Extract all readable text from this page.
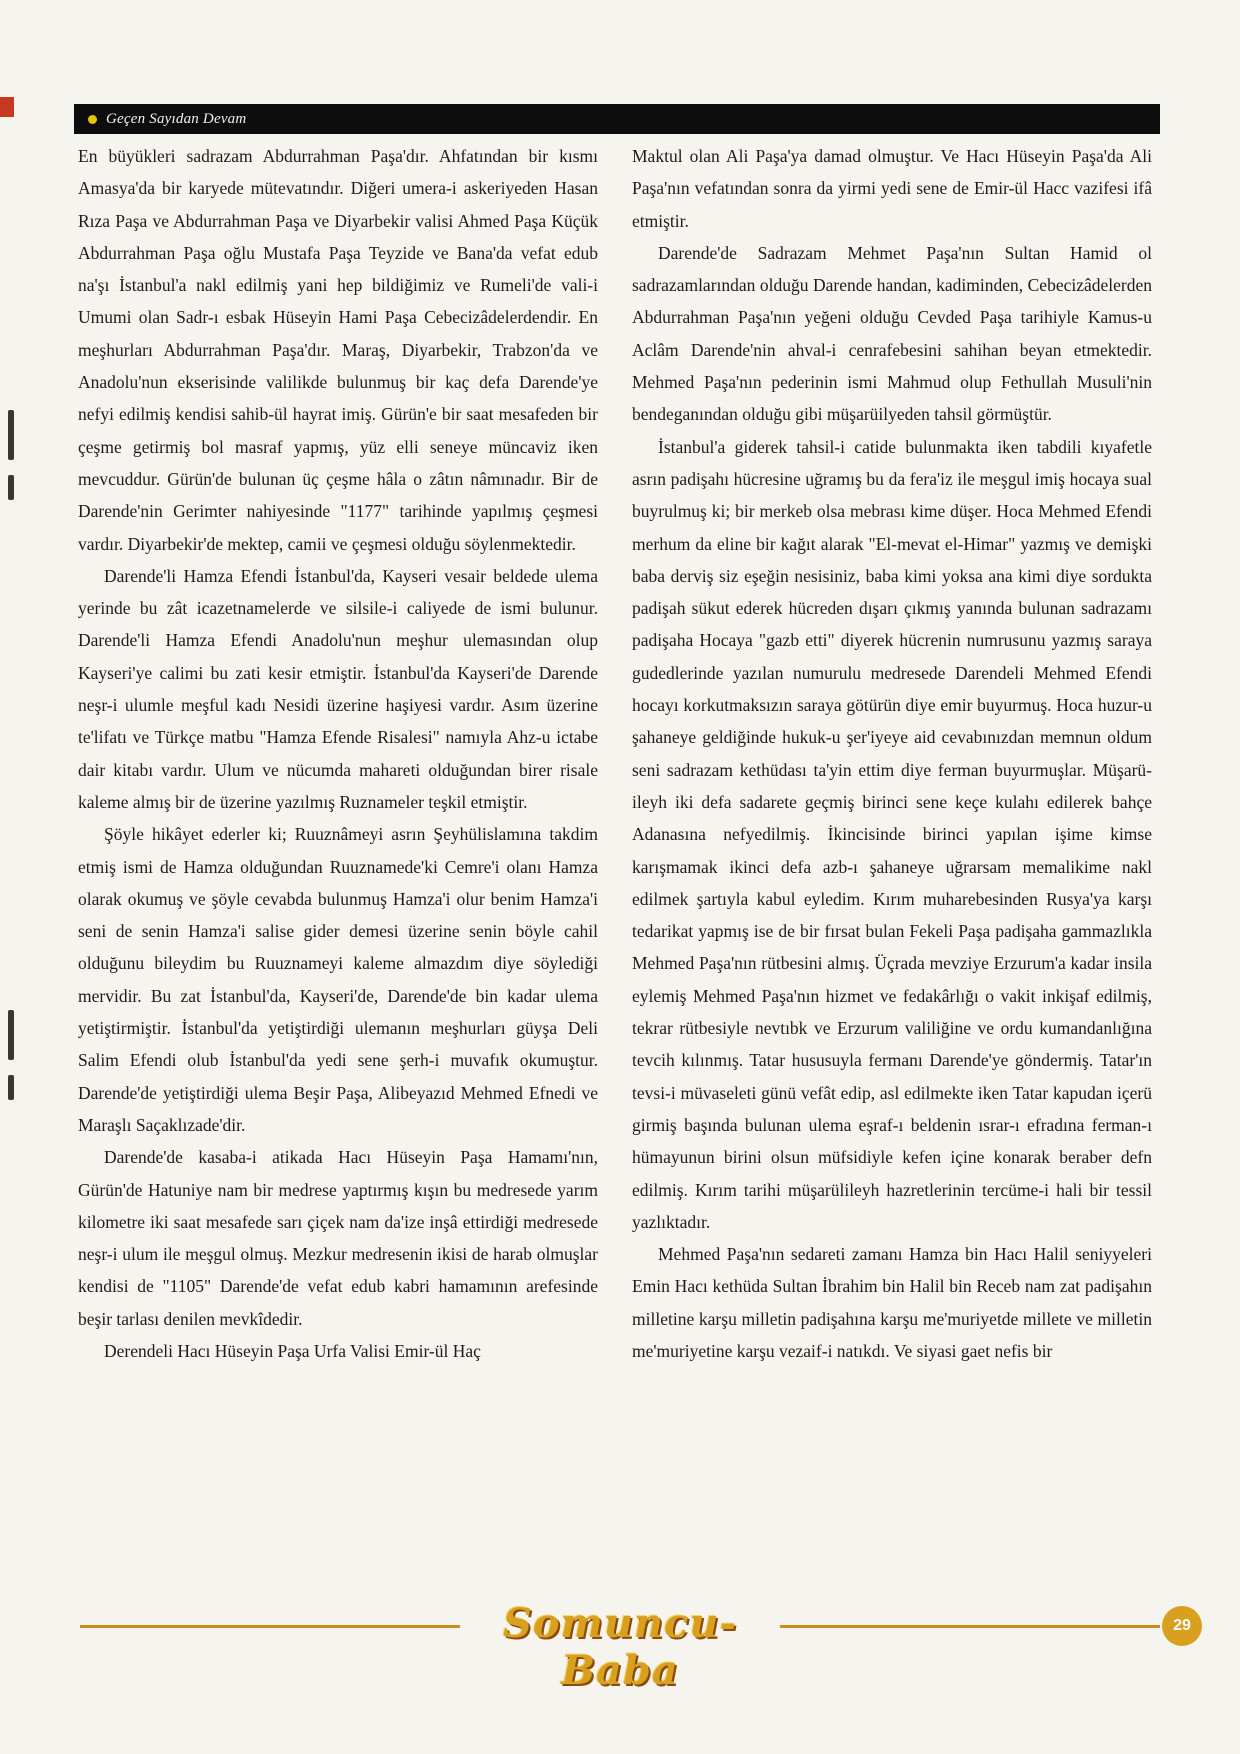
Geçen Sayıdan Devam

En büyükleri sadrazam Abdurrahman Paşa'dır. Ahfatından bir kısmı Amasya'da bir karyede mütevatındır. Diğeri umera-i askeriyeden Hasan Rıza Paşa ve Abdurrahman Paşa ve Diyarbekir valisi Ahmed Paşa Küçük Abdurrahman Paşa oğlu Mustafa Paşa Teyzide ve Bana'da vefat edub na'şı İstanbul'a nakl edilmiş yani hep bildiğimiz ve Rumeli'de vali-i Umumi olan Sadr-ı esbak Hüseyin Hami Paşa Cebecizâdelerdendir. En meşhurları Abdurrahman Paşa'dır. Maraş, Diyarbekir, Trabzon'da ve Anadolu'nun ekserisinde valilikde bulunmuş bir kaç defa Darende'ye nefyi edilmiş kendisi sahib-ül hayrat imiş. Gürün'e bir saat mesafeden bir çeşme getirmiş bol masraf yapmış, yüz elli seneye müncaviz iken mevcuddur. Gürün'de bulunan üç çeşme hâla o zâtın nâmınadır. Bir de Darende'nin Gerimter nahiyesinde "1177" tarihinde yapılmış çeşmesi vardır. Diyarbekir'de mektep, camii ve çeşmesi olduğu söylenmektedir.

Darende'li Hamza Efendi İstanbul'da, Kayseri vesair beldede ulema yerinde bu zât icazetnamelerde ve silsile-i caliyede de ismi bulunur. Darende'li Hamza Efendi Anadolu'nun meşhur ulemasından olup Kayseri'ye calimi bu zati kesir etmiştir. İstanbul'da Kayseri'de Darende neşr-i ulumle meşful kadı Nesidi üzerine haşiyesi vardır. Asım üzerine te'lifatı ve Türkçe matbu "Hamza Efende Risalesi" namıyla Ahz-u ictabe dair kitabı vardır. Ulum ve nücumda mahareti olduğundan birer risale kaleme almış bir de üzerine yazılmış Ruznameler teşkil etmiştir.

Şöyle hikâyet ederler ki; Ruuznâmeyi asrın Şeyhülislamına takdim etmiş ismi de Hamza olduğundan Ruuznamede'ki Cemre'i olanı Hamza olarak okumuş ve şöyle cevabda bulunmuş Hamza'i olur benim Hamza'i seni de senin Hamza'i salise gider demesi üzerine senin böyle cahil olduğunu bileydim bu Ruuznameyi kaleme almazdım diye söylediği mervidir. Bu zat İstanbul'da, Kayseri'de, Darende'de bin kadar ulema yetiştirmiştir. İstanbul'da yetiştirdiği ulemanın meşhurları güyşa Deli Salim Efendi olub İstanbul'da yedi sene şerh-i muvafık okumuştur. Darende'de yetiştirdiği ulema Beşir Paşa, Alibeyazıd Mehmed Efnedi ve Maraşlı Saçaklızade'dir.

Darende'de kasaba-i atikada Hacı Hüseyin Paşa Hamamı'nın, Gürün'de Hatuniye nam bir medrese yaptırmış kışın bu medresede yarım kilometre iki saat mesafede sarı çiçek nam da'ize inşâ ettirdiği medresede neşr-i ulum ile meşgul olmuş. Mezkur medresenin ikisi de harab olmuşlar kendisi de "1105" Darende'de vefat edub kabri hamamının arefesinde beşir tarlası denilen mevkîdedir.

Derendeli Hacı Hüseyin Paşa Urfa Valisi Emir-ül Haç

Maktul olan Ali Paşa'ya damad olmuştur. Ve Hacı Hüseyin Paşa'da Ali Paşa'nın vefatından sonra da yirmi yedi sene de Emir-ül Hacc vazifesi ifâ etmiştir.

Darende'de Sadrazam Mehmet Paşa'nın Sultan Hamid ol sadrazamlarından olduğu Darende handan, kadiminden, Cebecizâdelerden Abdurrahman Paşa'nın yeğeni olduğu Cevded Paşa tarihiyle Kamus-u Aclâm Darende'nin ahval-i cenrafebesini sahihan beyan etmektedir. Mehmed Paşa'nın pederinin ismi Mahmud olup Fethullah Musuli'nin bendeganından olduğu gibi müşarüilyeden tahsil görmüştür.

İstanbul'a giderek tahsil-i catide bulunmakta iken tabdili kıyafetle asrın padişahı hücresine uğramış bu da fera'iz ile meşgul imiş hocaya sual buyrulmuş ki; bir merkeb olsa mebrası kime düşer. Hoca Mehmed Efendi merhum da eline bir kağıt alarak "El-mevat el-Himar" yazmış ve demişki baba derviş siz eşeğin nesisiniz, baba kimi yoksa ana kimi diye sordukta padişah sükut ederek hücreden dışarı çıkmış yanında bulunan sadrazamı padişaha Hocaya "gazb etti" diyerek hücrenin numrusunu yazmış saraya gudedlerinde yazılan numurulu medresede Darendeli Mehmed Efendi hocayı korkutmaksızın saraya götürün diye emir buyurmuş. Hoca huzur-u şahaneye geldiğinde hukuk-u şer'iyeye aid cevabınızdan memnun oldum seni sadrazam kethüdası ta'yin ettim diye ferman buyurmuşlar. Müşarü-ileyh iki defa sadarete geçmiş birinci sene keçe kulahı edilerek bahçe Adanasına nefyedilmiş. İkincisinde birinci yapılan işime kimse karışmamak ikinci defa azb-ı şahaneye uğrarsam memalikime nakl edilmek şartıyla kabul eyledim. Kırım muharebesinden Rusya'ya karşı tedarikat yapmış ise de bir fırsat bulan Fekeli Paşa padişaha gammazlıkla Mehmed Paşa'nın rütbesini almış. Üçrada mevziye Erzurum'a kadar insila eylemiş Mehmed Paşa'nın hizmet ve fedakârlığı o vakit inkişaf edilmiş, tekrar rütbesiyle nevtıbk ve Erzurum valiliğine ve ordu kumandanlığına tevcih kılınmış. Tatar hususuyla fermanı Darende'ye göndermiş. Tatar'ın tevsi-i müvaseleti günü vefât edip, asl edilmekte iken Tatar kapudan içerü girmiş başında bulunan ulema eşraf-ı beldenin ısrar-ı efradına ferman-ı hümayunun birini olsun müfsidiyle kefen içine konarak beraber defn edilmiş. Kırım tarihi müşarülileyh hazretlerinin tercüme-i hali bir tessil yazlıktadır.

Mehmed Paşa'nın sedareti zamanı Hamza bin Hacı Halil seniyyeleri Emin Hacı kethüda Sultan İbrahim bin Halil bin Receb nam zat padişahın milletine karşu milletin padişahına karşu me'muriyetde millete ve milletin me'muriyetine karşu vezaif-i natıkdı. Ve siyasi gaet nefis bir

Somuncu-Baba
29
